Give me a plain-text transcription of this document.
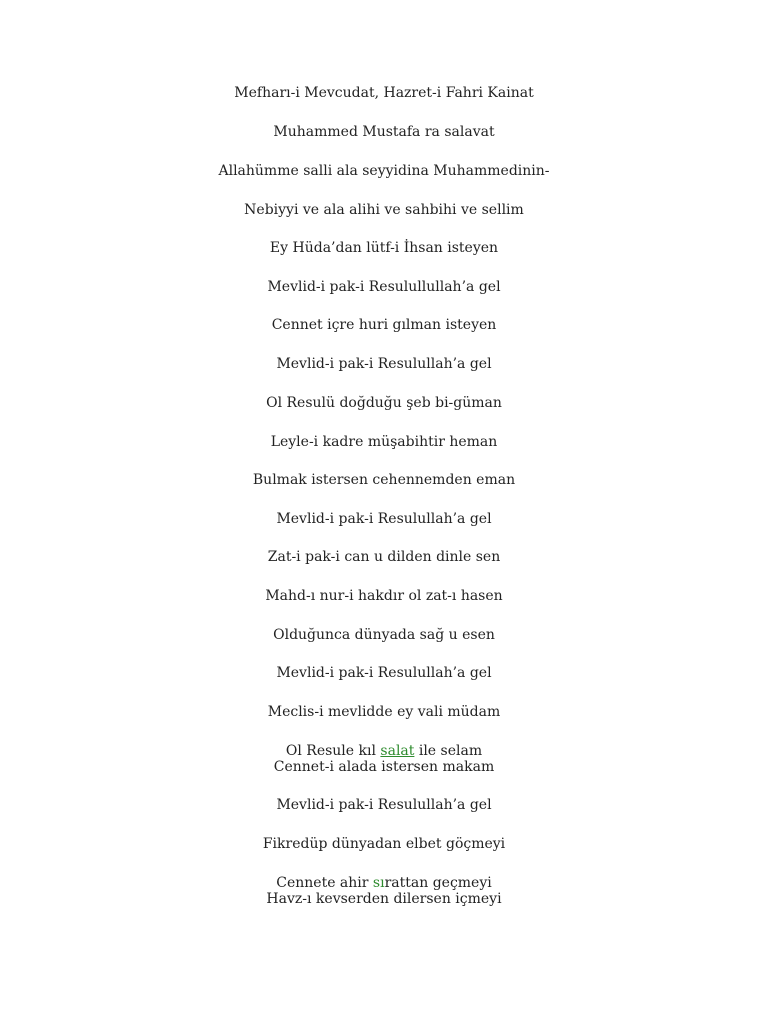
Mefharı-i Mevcudat, Hazret-i Fahri Kainat
Muhammed Mustafa ra salavat
Allahümme salli ala seyyidina Muhammedinin-
Nebiyyi ve ala alihi ve sahbihi ve sellim
Ey Hüda’dan lütf-i İhsan isteyen
Mevlid-i pak-i Resulullullah’a gel
Cennet içre huri gılman isteyen
Mevlid-i pak-i Resulullah’a gel
Ol Resulü doğduğu şeb bi-güman
Leyle-i kadre müşabihtir heman
Bulmak istersen cehennemden eman
Mevlid-i pak-i Resulullah’a gel
Zat-i pak-i can u dilden dinle sen
Mahd-ı nur-i hakdır ol zat-ı hasen
Olduğunca dünyada sağ u esen
Mevlid-i pak-i Resulullah’a gel
Meclis-i mevlidde ey vali müdam
Ol Resule kıl salat ile selam
Cennet-i alada istersen makam
Mevlid-i pak-i Resulullah’a gel
Fikredüp dünyadan elbet göçmeyi
Cennete ahir sırattan geçmeyi
Havz-ı kevserden dilersen içmeyi
